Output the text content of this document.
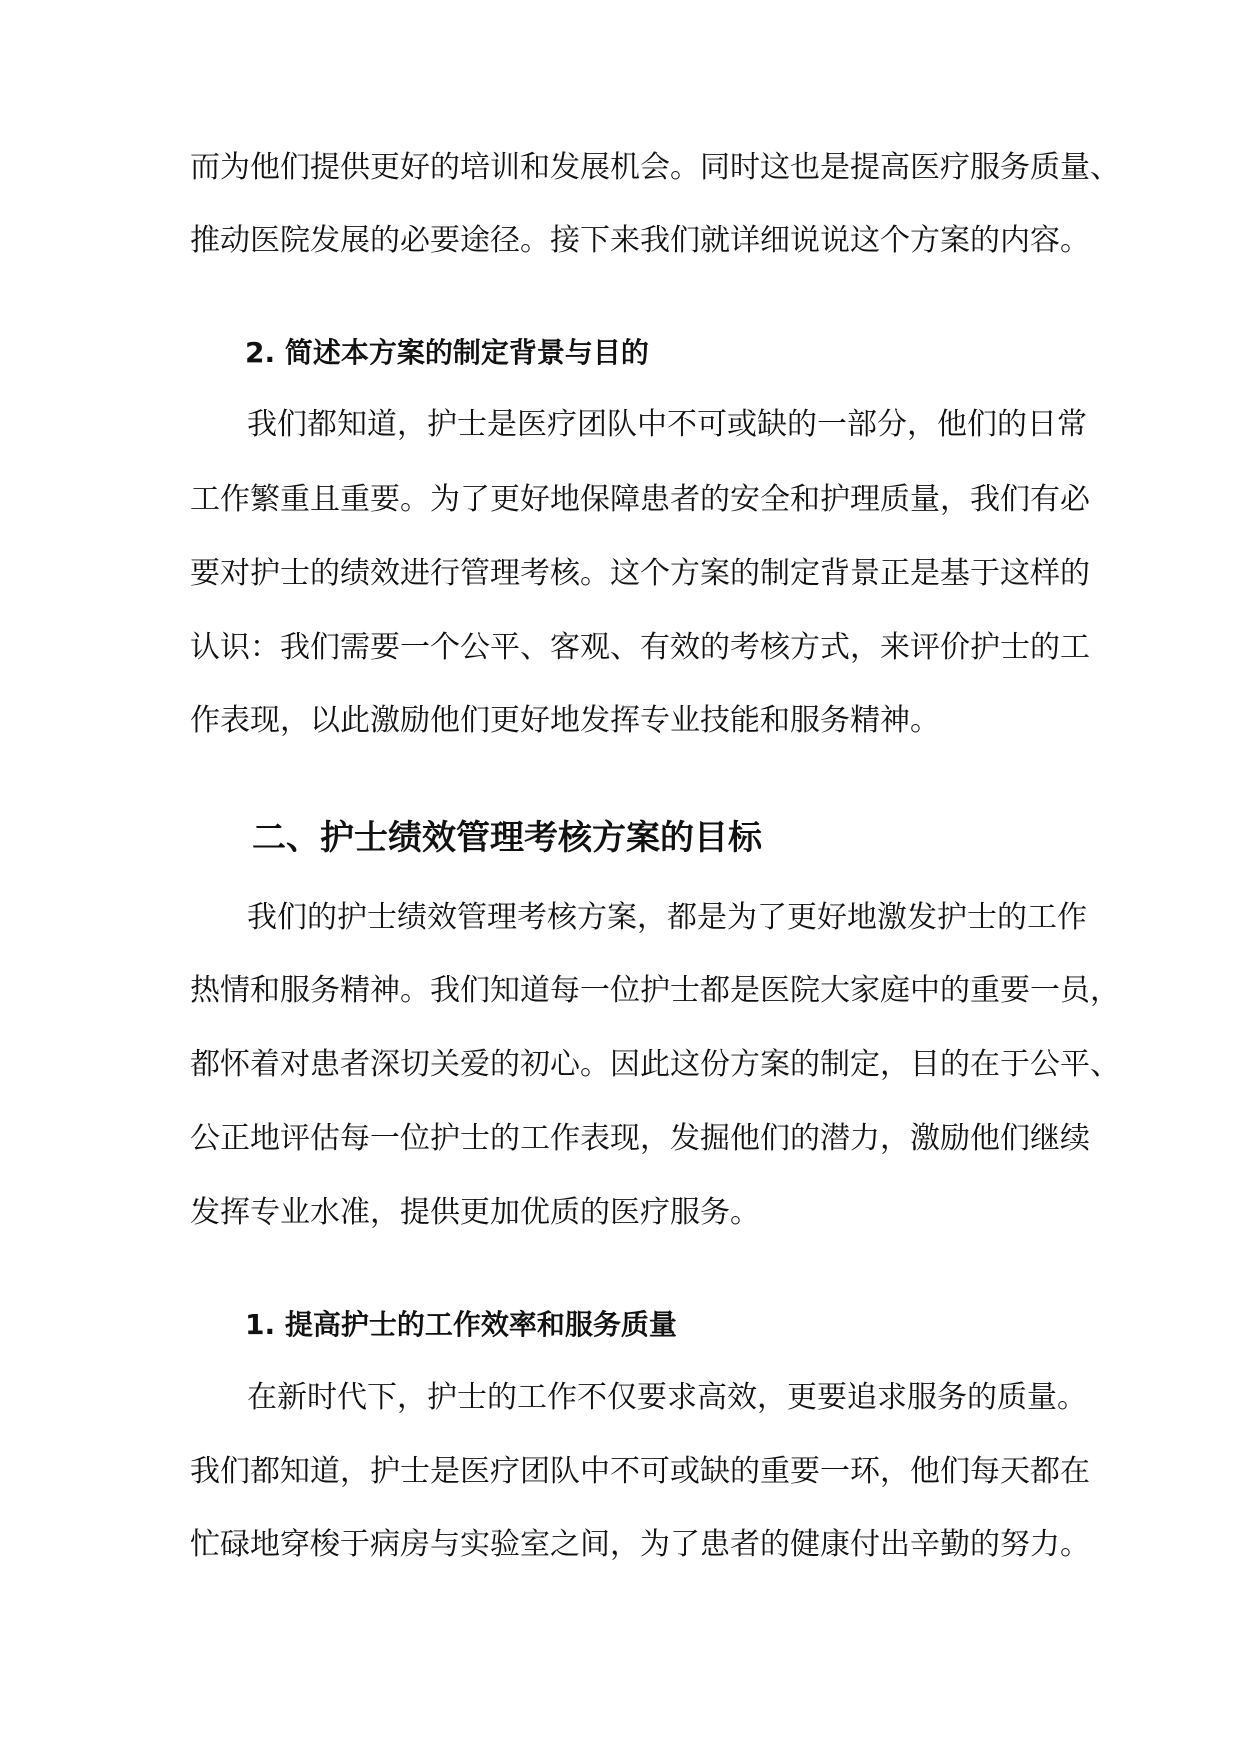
而为他们提供更好的培训和发展机会。同时这也是提高医疗服务质量、
推动医院发展的必要途径。接下来我们就详细说说这个方案的内容。
2. 简述本方案的制定背景与目的
我们都知道，护士是医疗团队中不可或缺的一部分，他们的日常
工作繁重且重要。为了更好地保障患者的安全和护理质量，我们有必
要对护士的绩效进行管理考核。这个方案的制定背景正是基于这样的
认识：我们需要一个公平、客观、有效的考核方式，来评价护士的工
作表现，以此激励他们更好地发挥专业技能和服务精神。
二、护士绩效管理考核方案的目标
我们的护士绩效管理考核方案，都是为了更好地激发护士的工作
热情和服务精神。我们知道每一位护士都是医院大家庭中的重要一员，
都怀着对患者深切关爱的初心。因此这份方案的制定，目的在于公平、
公正地评估每一位护士的工作表现，发掘他们的潜力，激励他们继续
发挥专业水准，提供更加优质的医疗服务。
1. 提高护士的工作效率和服务质量
在新时代下，护士的工作不仅要求高效，更要追求服务的质量。
我们都知道，护士是医疗团队中不可或缺的重要一环，他们每天都在
忙碌地穿梭于病房与实验室之间，为了患者的健康付出辛勤的努力。
